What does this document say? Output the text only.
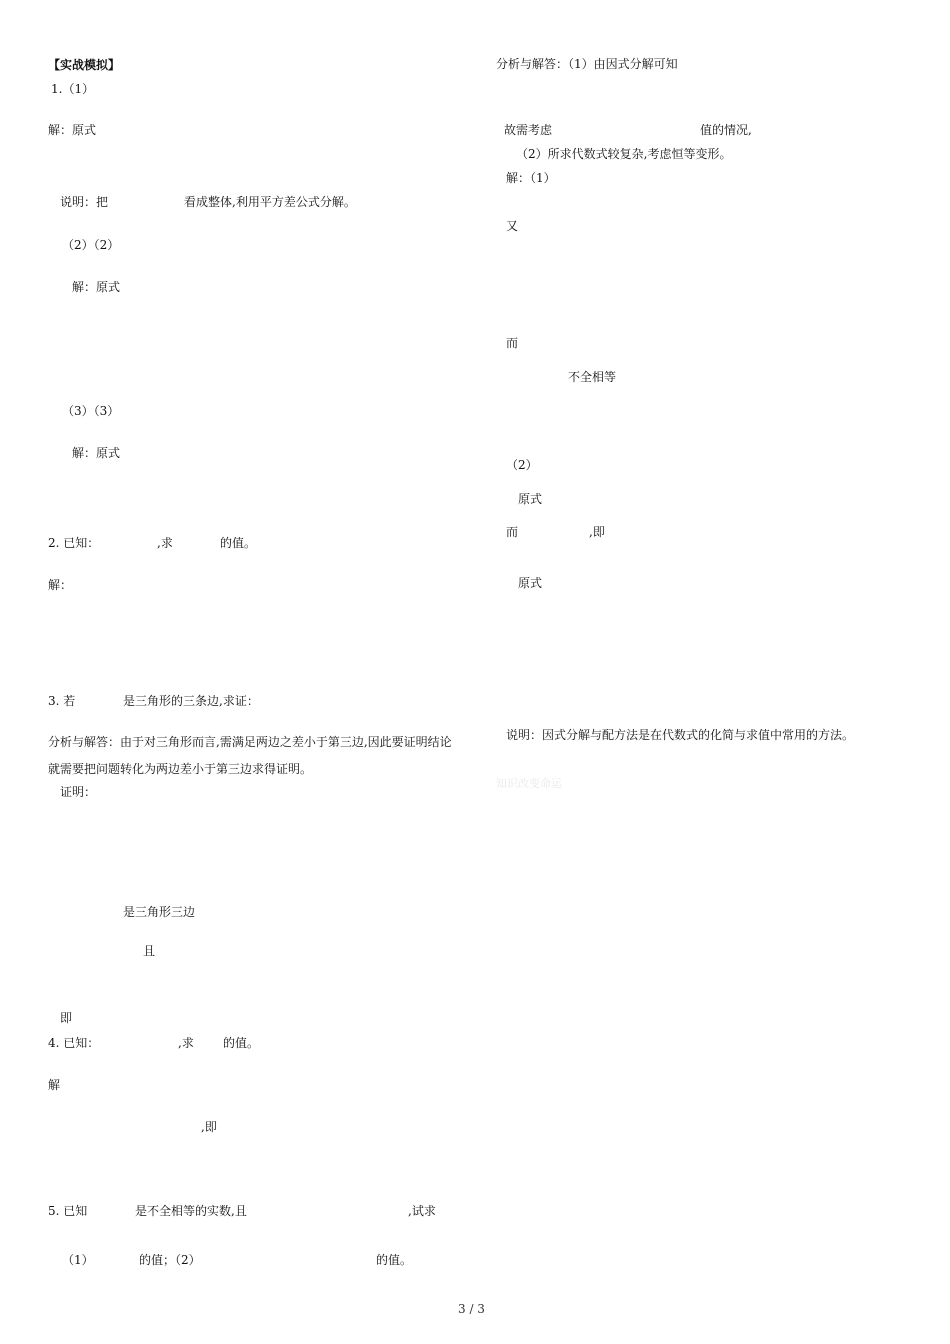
【实战模拟】
1.（1）
解：原式
说明：把	看成整体,利用平方差公式分解。
（2）（2）
解：原式
（3）（3）
解：原式
2. 已知：	,求	的值。
解：
3. 若	是三角形的三条边,求证：
分析与解答：由于对三角形而言,需满足两边之差小于第三边,因此要证明结论
就需要把问题转化为两边差小于第三边求得证明。
证明：
是三角形三边
且
即
4. 已知：	,求 的值。
解
,即
5. 已知	是不全相等的实数,且	,试求
（1）	的值；（2）	的值。
分析与解答：（1）由因式分解可知
故需考虑	值的情况,
（2）所求代数式较复杂,考虑恒等变形。
解：（1）
又
而
不全相等
（2）
原式
而	,即
原式
说明：因式分解与配方法是在代数式的化简与求值中常用的方法。
知识改变命运
3 / 3
